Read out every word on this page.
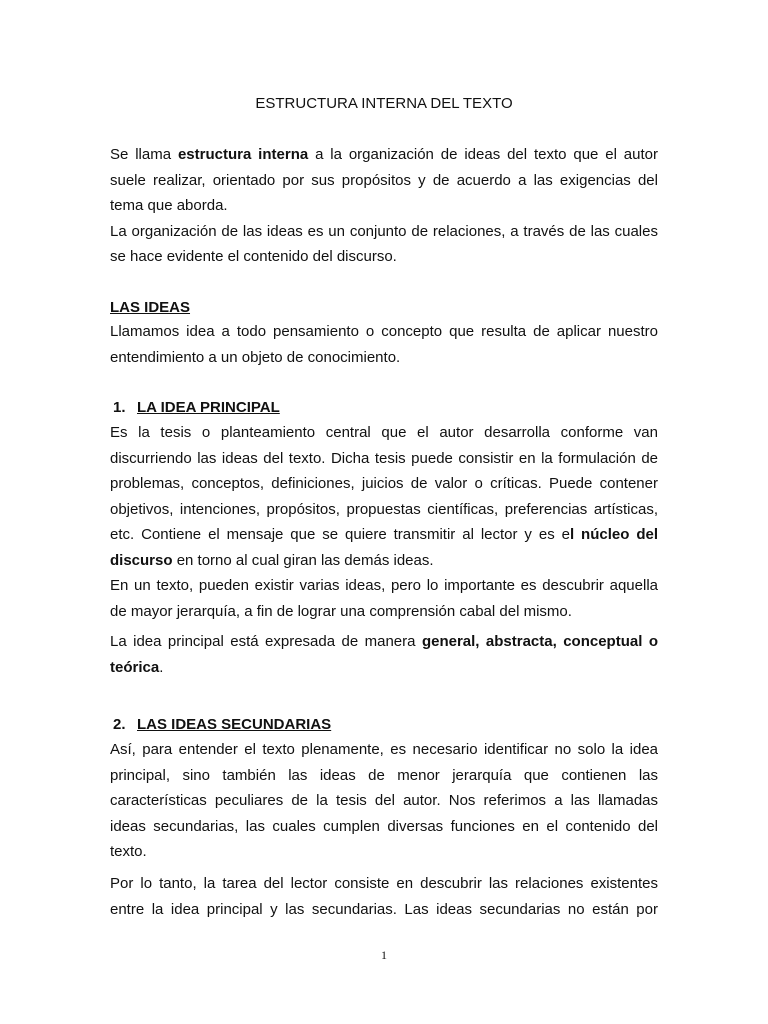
ESTRUCTURA INTERNA DEL TEXTO
Se llama estructura interna a la organización de ideas del texto que el autor
suele realizar, orientado por sus propósitos y de acuerdo a las exigencias del
tema que aborda.
La organización de las ideas es un conjunto de relaciones, a través de las cuales
se hace evidente el contenido del discurso.
LAS IDEAS
Llamamos idea a todo pensamiento o concepto que resulta de aplicar nuestro
entendimiento a un objeto de conocimiento.
1. LA IDEA PRINCIPAL
Es la tesis o planteamiento central que el autor desarrolla conforme van
discurriendo las ideas del texto. Dicha tesis puede consistir en la formulación de
problemas, conceptos, definiciones, juicios de valor o críticas. Puede contener
objetivos, intenciones, propósitos, propuestas científicas, preferencias artísticas,
etc. Contiene el mensaje que se quiere transmitir al lector y es el núcleo del
discurso en torno al cual giran las demás ideas.
En un texto, pueden existir varias ideas, pero lo importante es descubrir aquella
de mayor jerarquía, a fin de lograr una comprensión cabal del mismo.
La idea principal está expresada de manera general, abstracta, conceptual o
teórica.
2. LAS IDEAS SECUNDARIAS
Así, para entender el texto plenamente, es necesario identificar no solo la idea
principal, sino también las ideas de menor jerarquía que contienen las
características peculiares de la tesis del autor. Nos referimos a las llamadas
ideas secundarias, las cuales cumplen diversas funciones en el contenido del
texto.
Por lo tanto, la tarea del lector consiste en descubrir las relaciones existentes
entre la idea principal y las secundarias. Las ideas secundarias no están por
1
